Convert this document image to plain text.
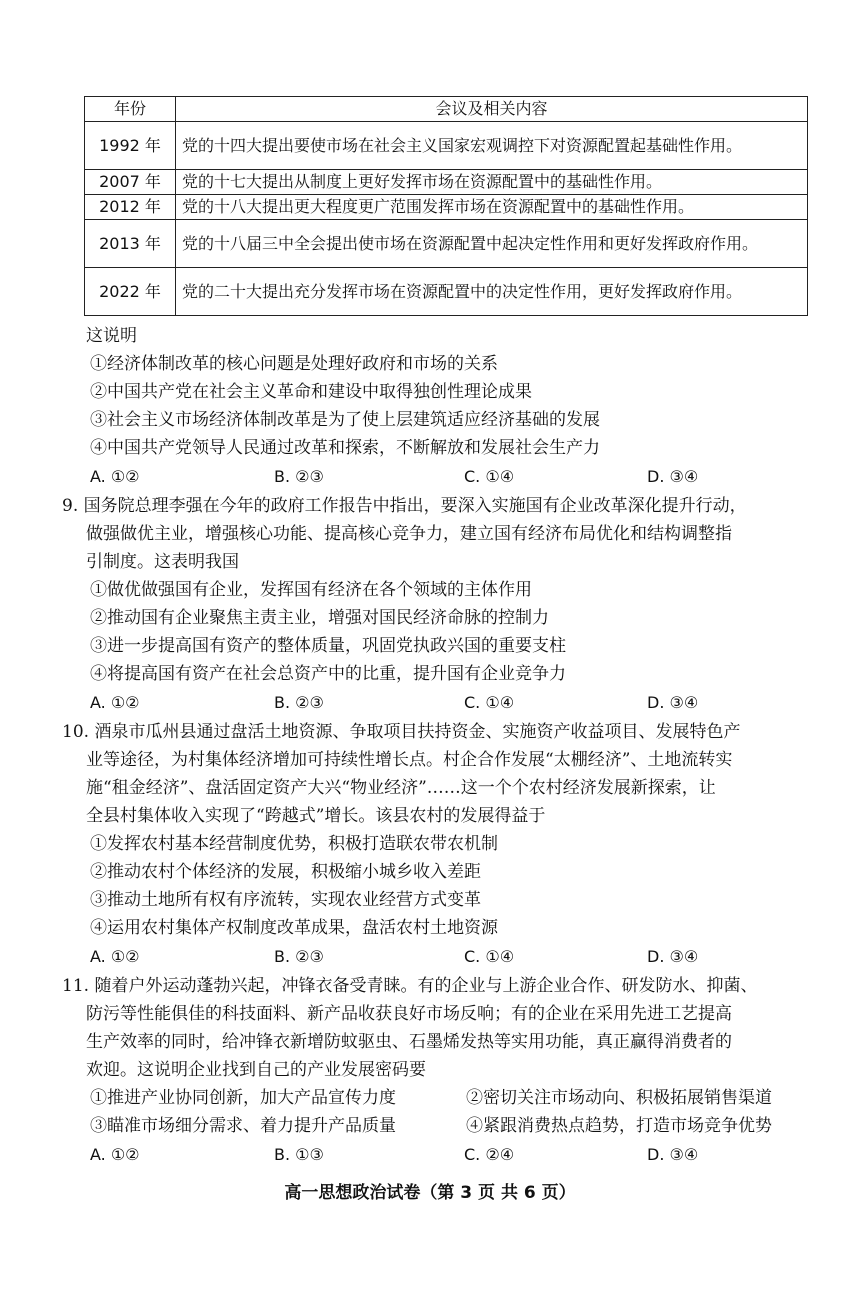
年份	会议及相关内容
1992 年	党的十四大提出要使市场在社会主义国家宏观调控下对资源配置起基础性作用。
2007 年	党的十七大提出从制度上更好发挥市场在资源配置中的基础性作用。
2012 年	党的十八大提出更大程度更广范围发挥市场在资源配置中的基础性作用。
2013 年	党的十八届三中全会提出使市场在资源配置中起决定性作用和更好发挥政府作用。
2022 年	党的二十大提出充分发挥市场在资源配置中的决定性作用，更好发挥政府作用。
这说明
①经济体制改革的核心问题是处理好政府和市场的关系
②中国共产党在社会主义革命和建设中取得独创性理论成果
③社会主义市场经济体制改革是为了使上层建筑适应经济基础的发展
④中国共产党领导人民通过改革和探索，不断解放和发展社会生产力
A. ①②	B. ②③	C. ①④	D. ③④
9. 国务院总理李强在今年的政府工作报告中指出，要深入实施国有企业改革深化提升行动，
做强做优主业，增强核心功能、提高核心竞争力，建立国有经济布局优化和结构调整指
引制度。这表明我国
①做优做强国有企业，发挥国有经济在各个领域的主体作用
②推动国有企业聚焦主责主业，增强对国民经济命脉的控制力
③进一步提高国有资产的整体质量，巩固党执政兴国的重要支柱
④将提高国有资产在社会总资产中的比重，提升国有企业竞争力
A. ①②	B. ②③	C. ①④	D. ③④
10. 酒泉市瓜州县通过盘活土地资源、争取项目扶持资金、实施资产收益项目、发展特色产
业等途径，为村集体经济增加可持续性增长点。村企合作发展“太棚经济”、土地流转实
施“租金经济”、盘活固定资产大兴“物业经济”……这一个个农村经济发展新探索，让
全县村集体收入实现了“跨越式”增长。该县农村的发展得益于
①发挥农村基本经营制度优势，积极打造联农带农机制
②推动农村个体经济的发展，积极缩小城乡收入差距
③推动土地所有权有序流转，实现农业经营方式变革
④运用农村集体产权制度改革成果，盘活农村土地资源
A. ①②	B. ②③	C. ①④	D. ③④
11. 随着户外运动蓬勃兴起，冲锋衣备受青睐。有的企业与上游企业合作、研发防水、抑菌、
防污等性能俱佳的科技面料、新产品收获良好市场反响；有的企业在采用先进工艺提高
生产效率的同时，给冲锋衣新增防蚊驱虫、石墨烯发热等实用功能，真正赢得消费者的
欢迎。这说明企业找到自己的产业发展密码要
①推进产业协同创新，加大产品宣传力度	②密切关注市场动向、积极拓展销售渠道
③瞄准市场细分需求、着力提升产品质量	④紧跟消费热点趋势，打造市场竞争优势
A. ①②	B. ①③	C. ②④	D. ③④
高一思想政治试卷（第 3 页 共 6 页）
